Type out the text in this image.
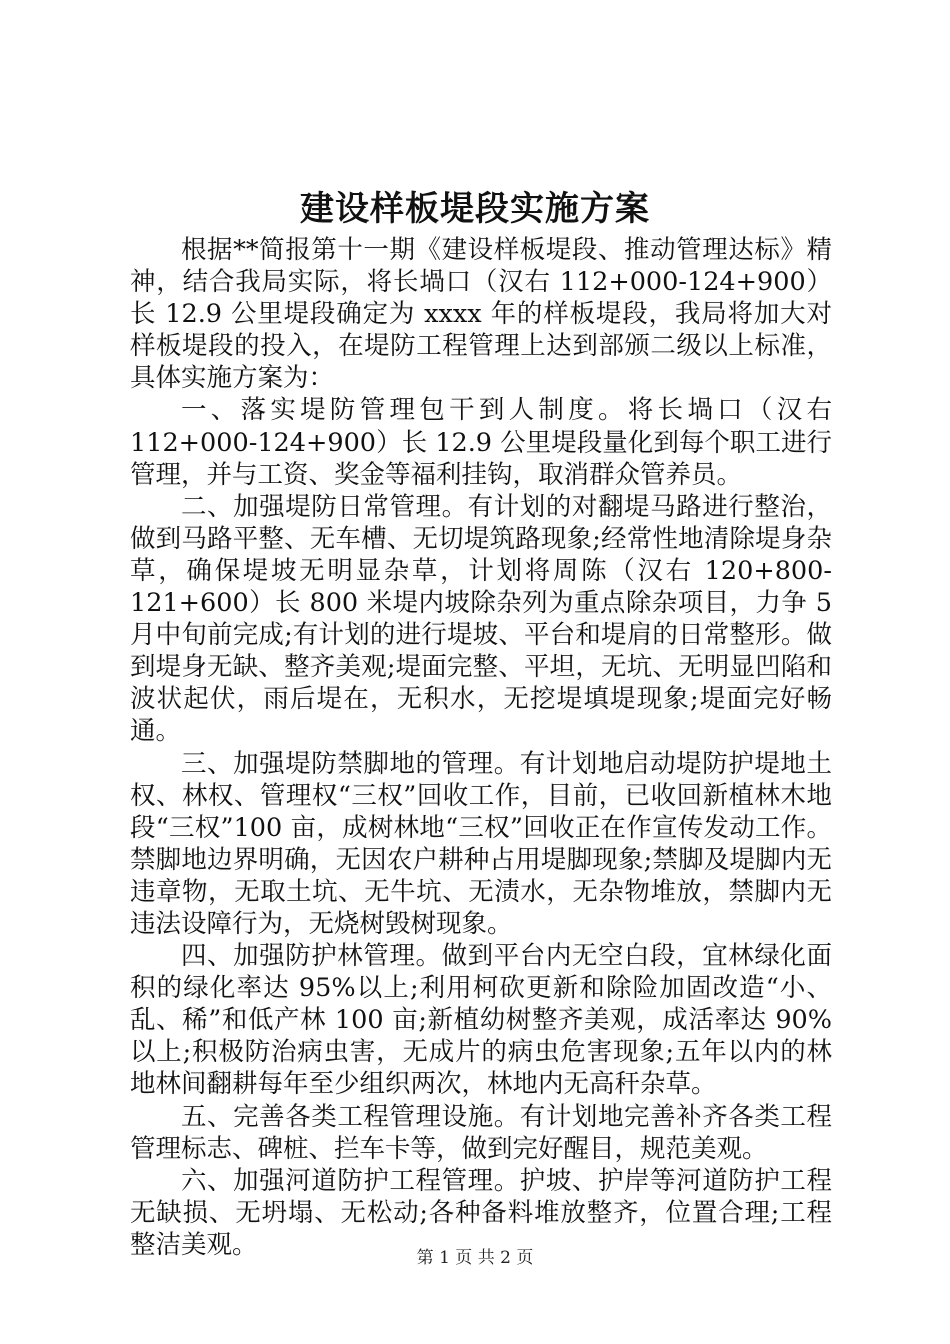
建设样板堤段实施方案

根据**简报第十一期《建设样板堤段、推动管理达标》精神，结合我局实际，将长堝口（汉右 112+000-124+900）长 12.9 公里堤段确定为 xxxx 年的样板堤段，我局将加大对样板堤段的投入，在堤防工程管理上达到部颁二级以上标准，具体实施方案为：

一、落实堤防管理包干到人制度。将长堝口（汉右 112+000-124+900）长 12.9 公里堤段量化到每个职工进行管理，并与工资、奖金等福利挂钩，取消群众管养员。

二、加强堤防日常管理。有计划的对翻堤马路进行整治，做到马路平整、无车槽、无切堤筑路现象;经常性地清除堤身杂草，确保堤坡无明显杂草，计划将周陈（汉右 120+800-121+600）长 800 米堤内坡除杂列为重点除杂项目，力争 5 月中旬前完成;有计划的进行堤坡、平台和堤肩的日常整形。做到堤身无缺、整齐美观;堤面完整、平坦，无坑、无明显凹陷和波状起伏，雨后堤在，无积水，无挖堤填堤现象;堤面完好畅通。

三、加强堤防禁脚地的管理。有计划地启动堤防护堤地土权、林权、管理权“三权”回收工作，目前，已收回新植林木地段“三权”100 亩，成树林地“三权”回收正在作宣传发动工作。禁脚地边界明确，无因农户耕种占用堤脚现象;禁脚及堤脚内无违章物，无取土坑、无牛坑、无渍水，无杂物堆放，禁脚内无违法设障行为，无烧树毁树现象。

四、加强防护林管理。做到平台内无空白段，宜林绿化面积的绿化率达 95%以上;利用柯砍更新和除险加固改造“小、乱、稀”和低产林 100 亩;新植幼树整齐美观，成活率达 90%以上;积极防治病虫害，无成片的病虫危害现象;五年以内的林地林间翻耕每年至少组织两次，林地内无高秆杂草。

五、完善各类工程管理设施。有计划地完善补齐各类工程管理标志、碑桩、拦车卡等，做到完好醒目，规范美观。

六、加强河道防护工程管理。护坡、护岸等河道防护工程无缺损、无坍塌、无松动;各种备料堆放整齐，位置合理;工程整洁美观。	第 1 页 共 2 页
